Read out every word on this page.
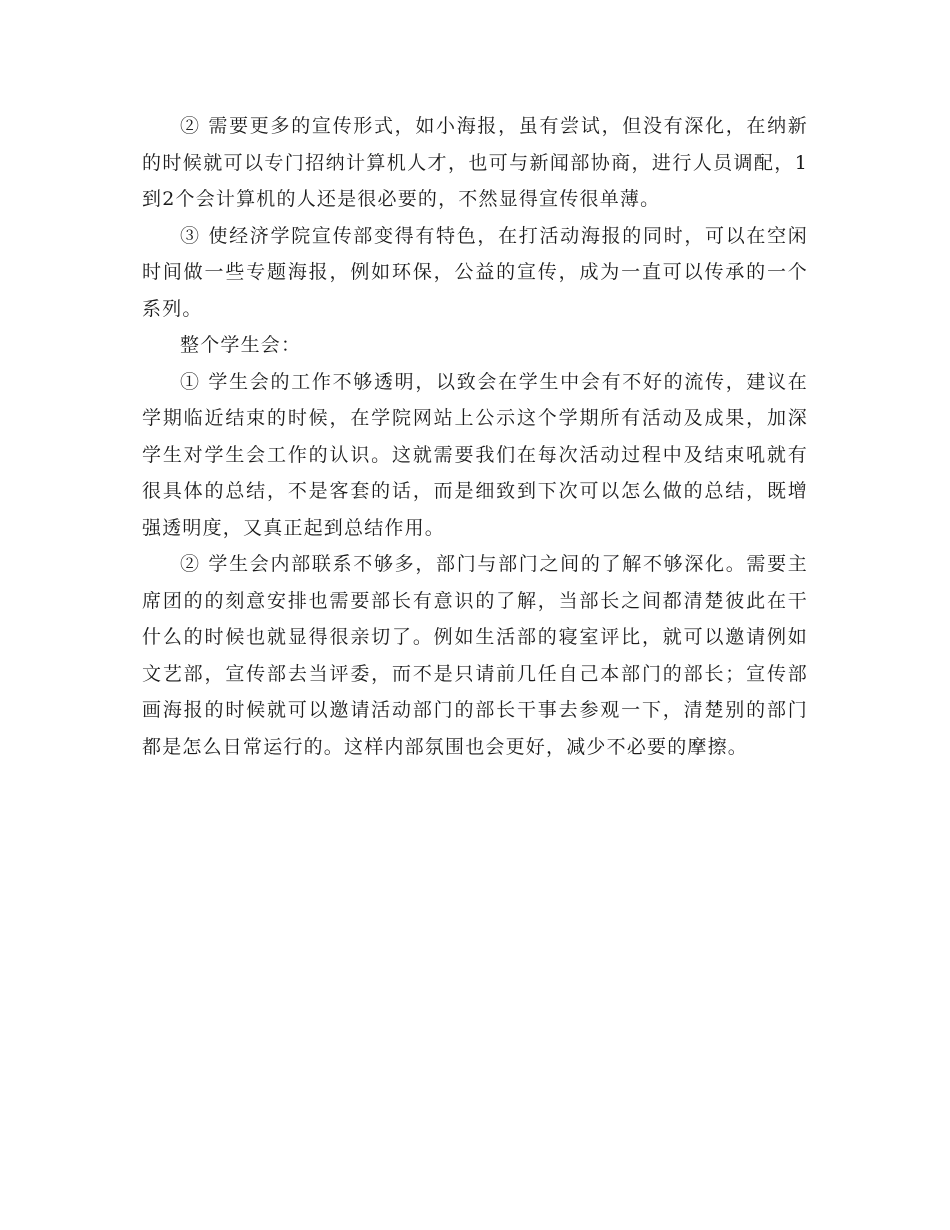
② 需要更多的宣传形式，如小海报，虽有尝试，但没有深化，在纳新的时候就可以专门招纳计算机人才，也可与新闻部协商，进行人员调配，1到2个会计算机的人还是很必要的，不然显得宣传很单薄。

③ 使经济学院宣传部变得有特色，在打活动海报的同时，可以在空闲时间做一些专题海报，例如环保，公益的宣传，成为一直可以传承的一个系列。

整个学生会：

① 学生会的工作不够透明，以致会在学生中会有不好的流传，建议在学期临近结束的时候，在学院网站上公示这个学期所有活动及成果，加深学生对学生会工作的认识。这就需要我们在每次活动过程中及结束吼就有很具体的总结，不是客套的话，而是细致到下次可以怎么做的总结，既增强透明度，又真正起到总结作用。

② 学生会内部联系不够多，部门与部门之间的了解不够深化。需要主席团的的刻意安排也需要部长有意识的了解，当部长之间都清楚彼此在干什么的时候也就显得很亲切了。例如生活部的寝室评比，就可以邀请例如文艺部，宣传部去当评委，而不是只请前几任自己本部门的部长；宣传部画海报的时候就可以邀请活动部门的部长干事去参观一下，清楚别的部门都是怎么日常运行的。这样内部氛围也会更好，减少不必要的摩擦。
